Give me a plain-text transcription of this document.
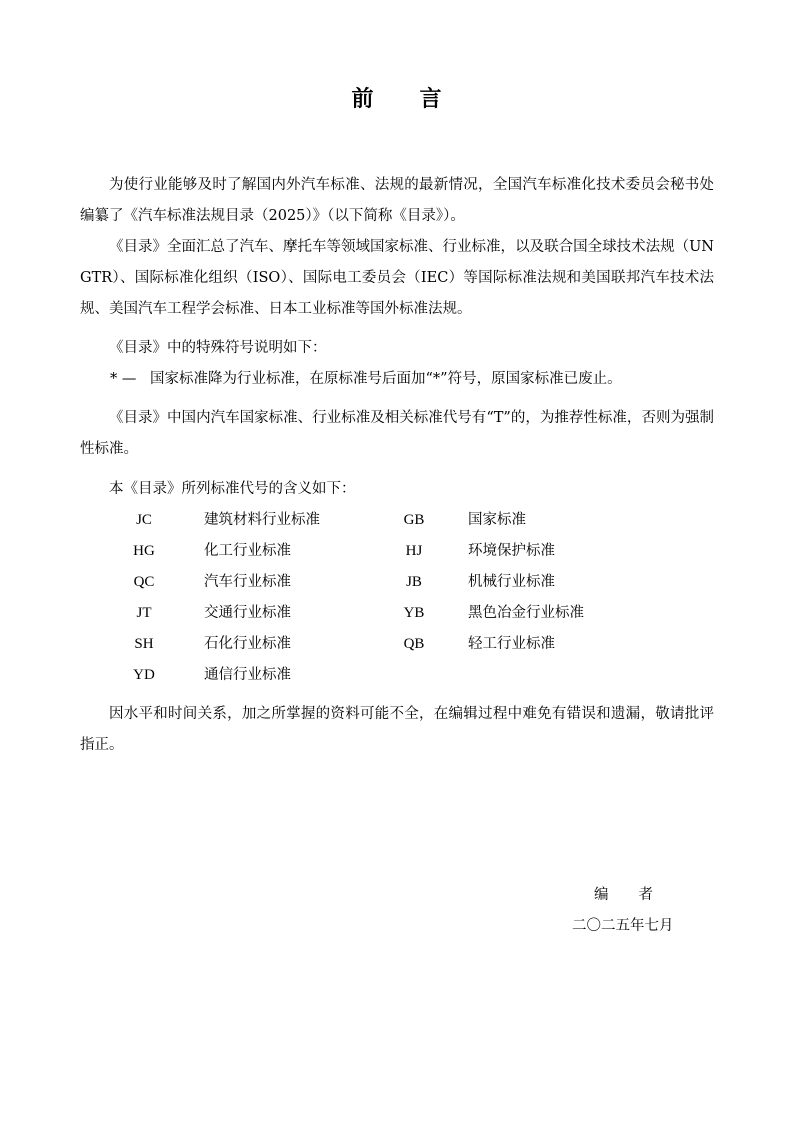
前言

为使行业能够及时了解国内外汽车标准、法规的最新情况，全国汽车标准化技术委员会秘书处编纂了《汽车标准法规目录（2025）》（以下简称《目录》）。

《目录》全面汇总了汽车、摩托车等领域国家标准、行业标准，以及联合国全球技术法规（UN GTR）、国际标准化组织（ISO）、国际电工委员会（IEC）等国际标准法规和美国联邦汽车技术法规、美国汽车工程学会标准、日本工业标准等国外标准法规。

《目录》中的特殊符号说明如下：

* — 国家标准降为行业标准，在原标准号后面加“*”符号，原国家标准已废止。

《目录》中国内汽车国家标准、行业标准及相关标准代号有“T”的，为推荐性标准，否则为强制性标准。

本《目录》所列标准代号的含义如下：

JC	建筑材料行业标准	GB	国家标准
HG	化工行业标准	HJ	环境保护标准
QC	汽车行业标准	JB	机械行业标准
JT	交通行业标准	YB	黑色冶金行业标准
SH	石化行业标准	QB	轻工行业标准
YD	通信行业标准

因水平和时间关系，加之所掌握的资料可能不全，在编辑过程中难免有错误和遗漏，敬请批评指正。

编者
二〇二五年七月
